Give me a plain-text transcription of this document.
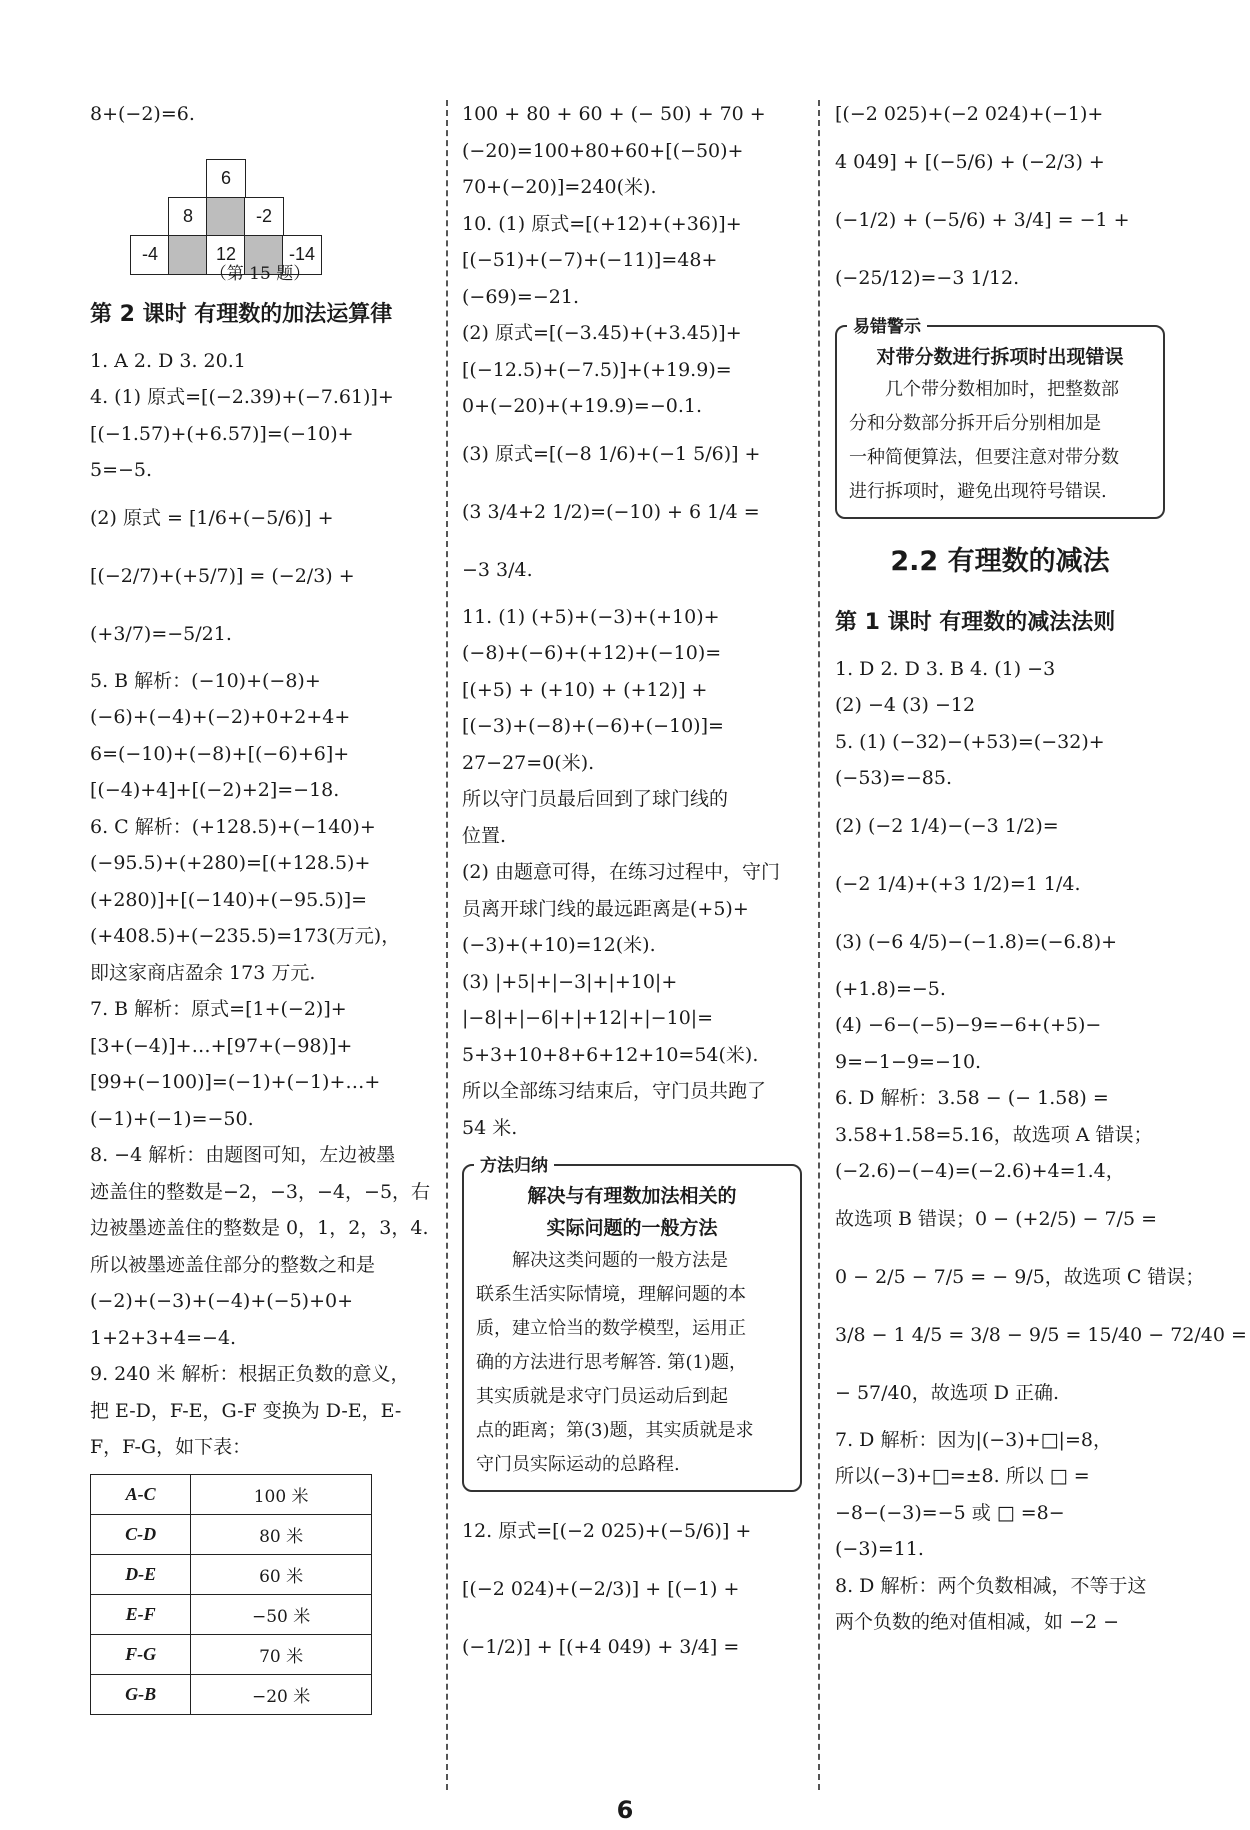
8+(−2)=6.
6
8	-2
-4	12	-14
（第 15 题）
第 2 课时 有理数的加法运算律
1. A 2. D 3. 20.1
4. (1) 原式=[(−2.39)+(−7.61)]+
[(−1.57)+(+6.57)]=(−10)+
5=−5.
(2) 原式 = [1/6+(−5/6)] +
[(−2/7)+(+5/7)] = (−2/3) +
(+3/7)=−5/21.
5. B 解析：(−10)+(−8)+
(−6)+(−4)+(−2)+0+2+4+
6=(−10)+(−8)+[(−6)+6]+
[(−4)+4]+[(−2)+2]=−18.
6. C 解析：(+128.5)+(−140)+
(−95.5)+(+280)=[(+128.5)+
(+280)]+[(−140)+(−95.5)]=
(+408.5)+(−235.5)=173(万元)，
即这家商店盈余 173 万元.
7. B 解析：原式=[1+(−2)]+
[3+(−4)]+…+[97+(−98)]+
[99+(−100)]=(−1)+(−1)+…+
(−1)+(−1)=−50.
8. −4 解析：由题图可知，左边被墨
迹盖住的整数是−2，−3，−4，−5，右
边被墨迹盖住的整数是 0，1，2，3，4.
所以被墨迹盖住部分的整数之和是
(−2)+(−3)+(−4)+(−5)+0+
1+2+3+4=−4.
9. 240 米 解析：根据正负数的意义，
把 E-D，F-E，G-F 变换为 D-E，E-
F，F-G，如下表：
A-C	100 米
C-D	80 米
D-E	60 米
E-F	−50 米
F-G	70 米
G-B	−20 米
100 + 80 + 60 + (− 50) + 70 +
(−20)=100+80+60+[(−50)+
70+(−20)]=240(米).
10. (1) 原式=[(+12)+(+36)]+
[(−51)+(−7)+(−11)]=48+
(−69)=−21.
(2) 原式=[(−3.45)+(+3.45)]+
[(−12.5)+(−7.5)]+(+19.9)=
0+(−20)+(+19.9)=−0.1.
(3) 原式=[(−8 1/6)+(−1 5/6)] +
(3 3/4+2 1/2)=(−10) + 6 1/4 =
−3 3/4.
11. (1) (+5)+(−3)+(+10)+
(−8)+(−6)+(+12)+(−10)=
[(+5) + (+10) + (+12)] +
[(−3)+(−8)+(−6)+(−10)]=
27−27=0(米).
所以守门员最后回到了球门线的
位置.
(2) 由题意可得，在练习过程中，守门
员离开球门线的最远距离是(+5)+
(−3)+(+10)=12(米).
(3) |+5|+|−3|+|+10|+
|−8|+|−6|+|+12|+|−10|=
5+3+10+8+6+12+10=54(米).
所以全部练习结束后，守门员共跑了
54 米.
方法归纳
解决与有理数加法相关的
实际问题的一般方法
解决这类问题的一般方法是
联系生活实际情境，理解问题的本
质，建立恰当的数学模型，运用正
确的方法进行思考解答. 第(1)题，
其实质就是求守门员运动后到起
点的距离；第(3)题，其实质就是求
守门员实际运动的总路程.
12. 原式=[(−2 025)+(−5/6)] +
[(−2 024)+(−2/3)] + [(−1) +
(−1/2)] + [(+4 049) + 3/4] =
[(−2 025)+(−2 024)+(−1)+
4 049] + [(−5/6) + (−2/3) +
(−1/2) + (−5/6) + 3/4] = −1 +
(−25/12)=−3 1/12.
易错警示
对带分数进行拆项时出现错误
几个带分数相加时，把整数部
分和分数部分拆开后分别相加是
一种简便算法，但要注意对带分数
进行拆项时，避免出现符号错误.
2.2 有理数的减法
第 1 课时 有理数的减法法则
1. D 2. D 3. B 4. (1) −3
(2) −4 (3) −12
5. (1) (−32)−(+53)=(−32)+
(−53)=−85.
(2) (−2 1/4)−(−3 1/2)=
(−2 1/4)+(+3 1/2)=1 1/4.
(3) (−6 4/5)−(−1.8)=(−6.8)+
(+1.8)=−5.
(4) −6−(−5)−9=−6+(+5)−
9=−1−9=−10.
6. D 解析：3.58 − (− 1.58) =
3.58+1.58=5.16，故选项 A 错误；
(−2.6)−(−4)=(−2.6)+4=1.4，
故选项 B 错误；0 − (+2/5) − 7/5 =
0 − 2/5 − 7/5 = − 9/5，故选项 C 错误；
3/8 − 1 4/5 = 3/8 − 9/5 = 15/40 − 72/40 =
− 57/40，故选项 D 正确.
7. D 解析：因为|(−3)+□|=8，
所以(−3)+□=±8. 所以 □ =
−8−(−3)=−5 或 □ =8−
(−3)=11.
8. D 解析：两个负数相减，不等于这
两个负数的绝对值相减，如 −2 −
6
